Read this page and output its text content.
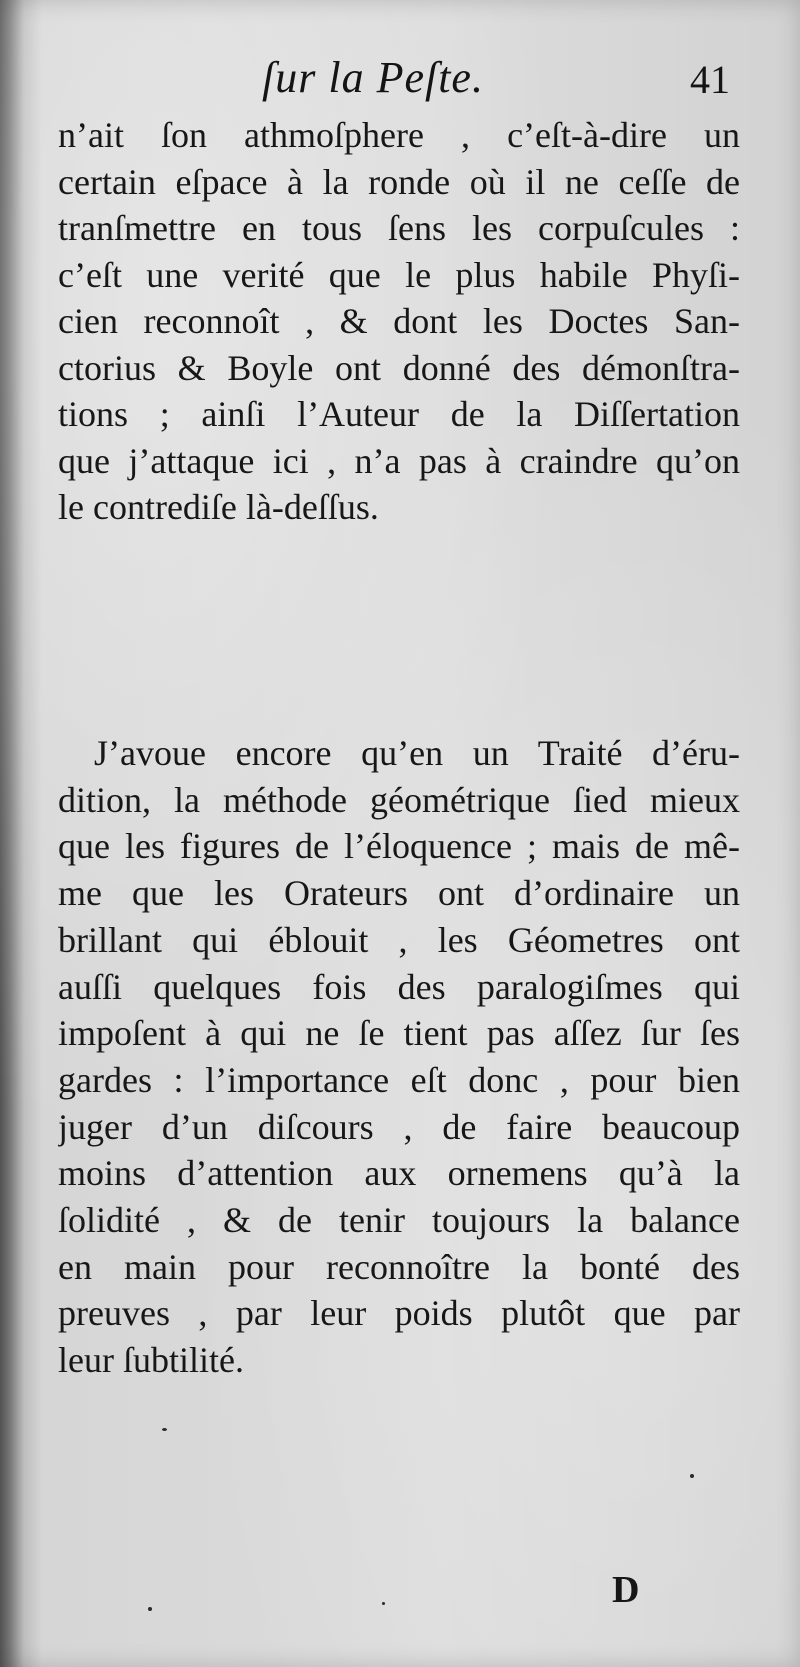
ſur la Peſte.	41

n’ait ſon athmoſphere , c’eſt-à-dire un
certain eſpace à la ronde où il ne ceſſe de
tranſmettre en tous ſens les corpuſcules :
c’eſt une verité que le plus habile Phyſi-
cien reconnoît , & dont les Doctes San-
ctorius & Boyle ont donné des démonſtra-
tions ; ainſi l’Auteur de la Diſſertation
que j’attaque ici , n’a pas à craindre qu’on
le contrediſe là-deſſus.

J’avoue encore qu’en un Traité d’éru-
dition, la méthode géométrique ſied mieux
que les figures de l’éloquence ; mais de mê-
me que les Orateurs ont d’ordinaire un
brillant qui éblouit , les Géometres ont
auſſi quelques fois des paralogiſmes qui
impoſent à qui ne ſe tient pas aſſez ſur ſes
gardes : l’importance eſt donc , pour bien
juger d’un diſcours , de faire beaucoup
moins d’attention aux ornemens qu’à la
ſolidité , & de tenir toujours la balance
en main pour reconnoître la bonté des
preuves , par leur poids plutôt que par
leur ſubtilité.

D
